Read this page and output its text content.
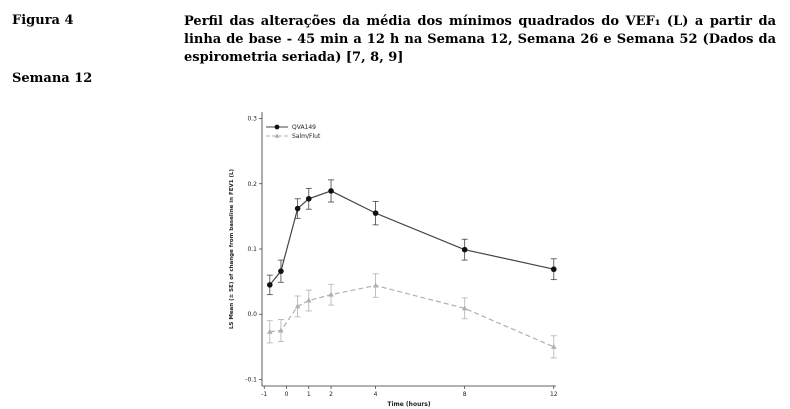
Figura 4	Perfil das alterações da média dos mínimos quadrados do VEF₁ (L) a partir da linha de base - 45 min a 12 h na Semana 12, Semana 26 e Semana 52 (Dados da espirometria seriada) [7, 8, 9]
Semana 12
-0.1
0.0
0.1
0.2
0.3
-1	0	1	2	4	8	12
Time (hours)
LS Mean (± SE) of change from baseline in FEV1 (L)
QVA149
Salm/Flut
